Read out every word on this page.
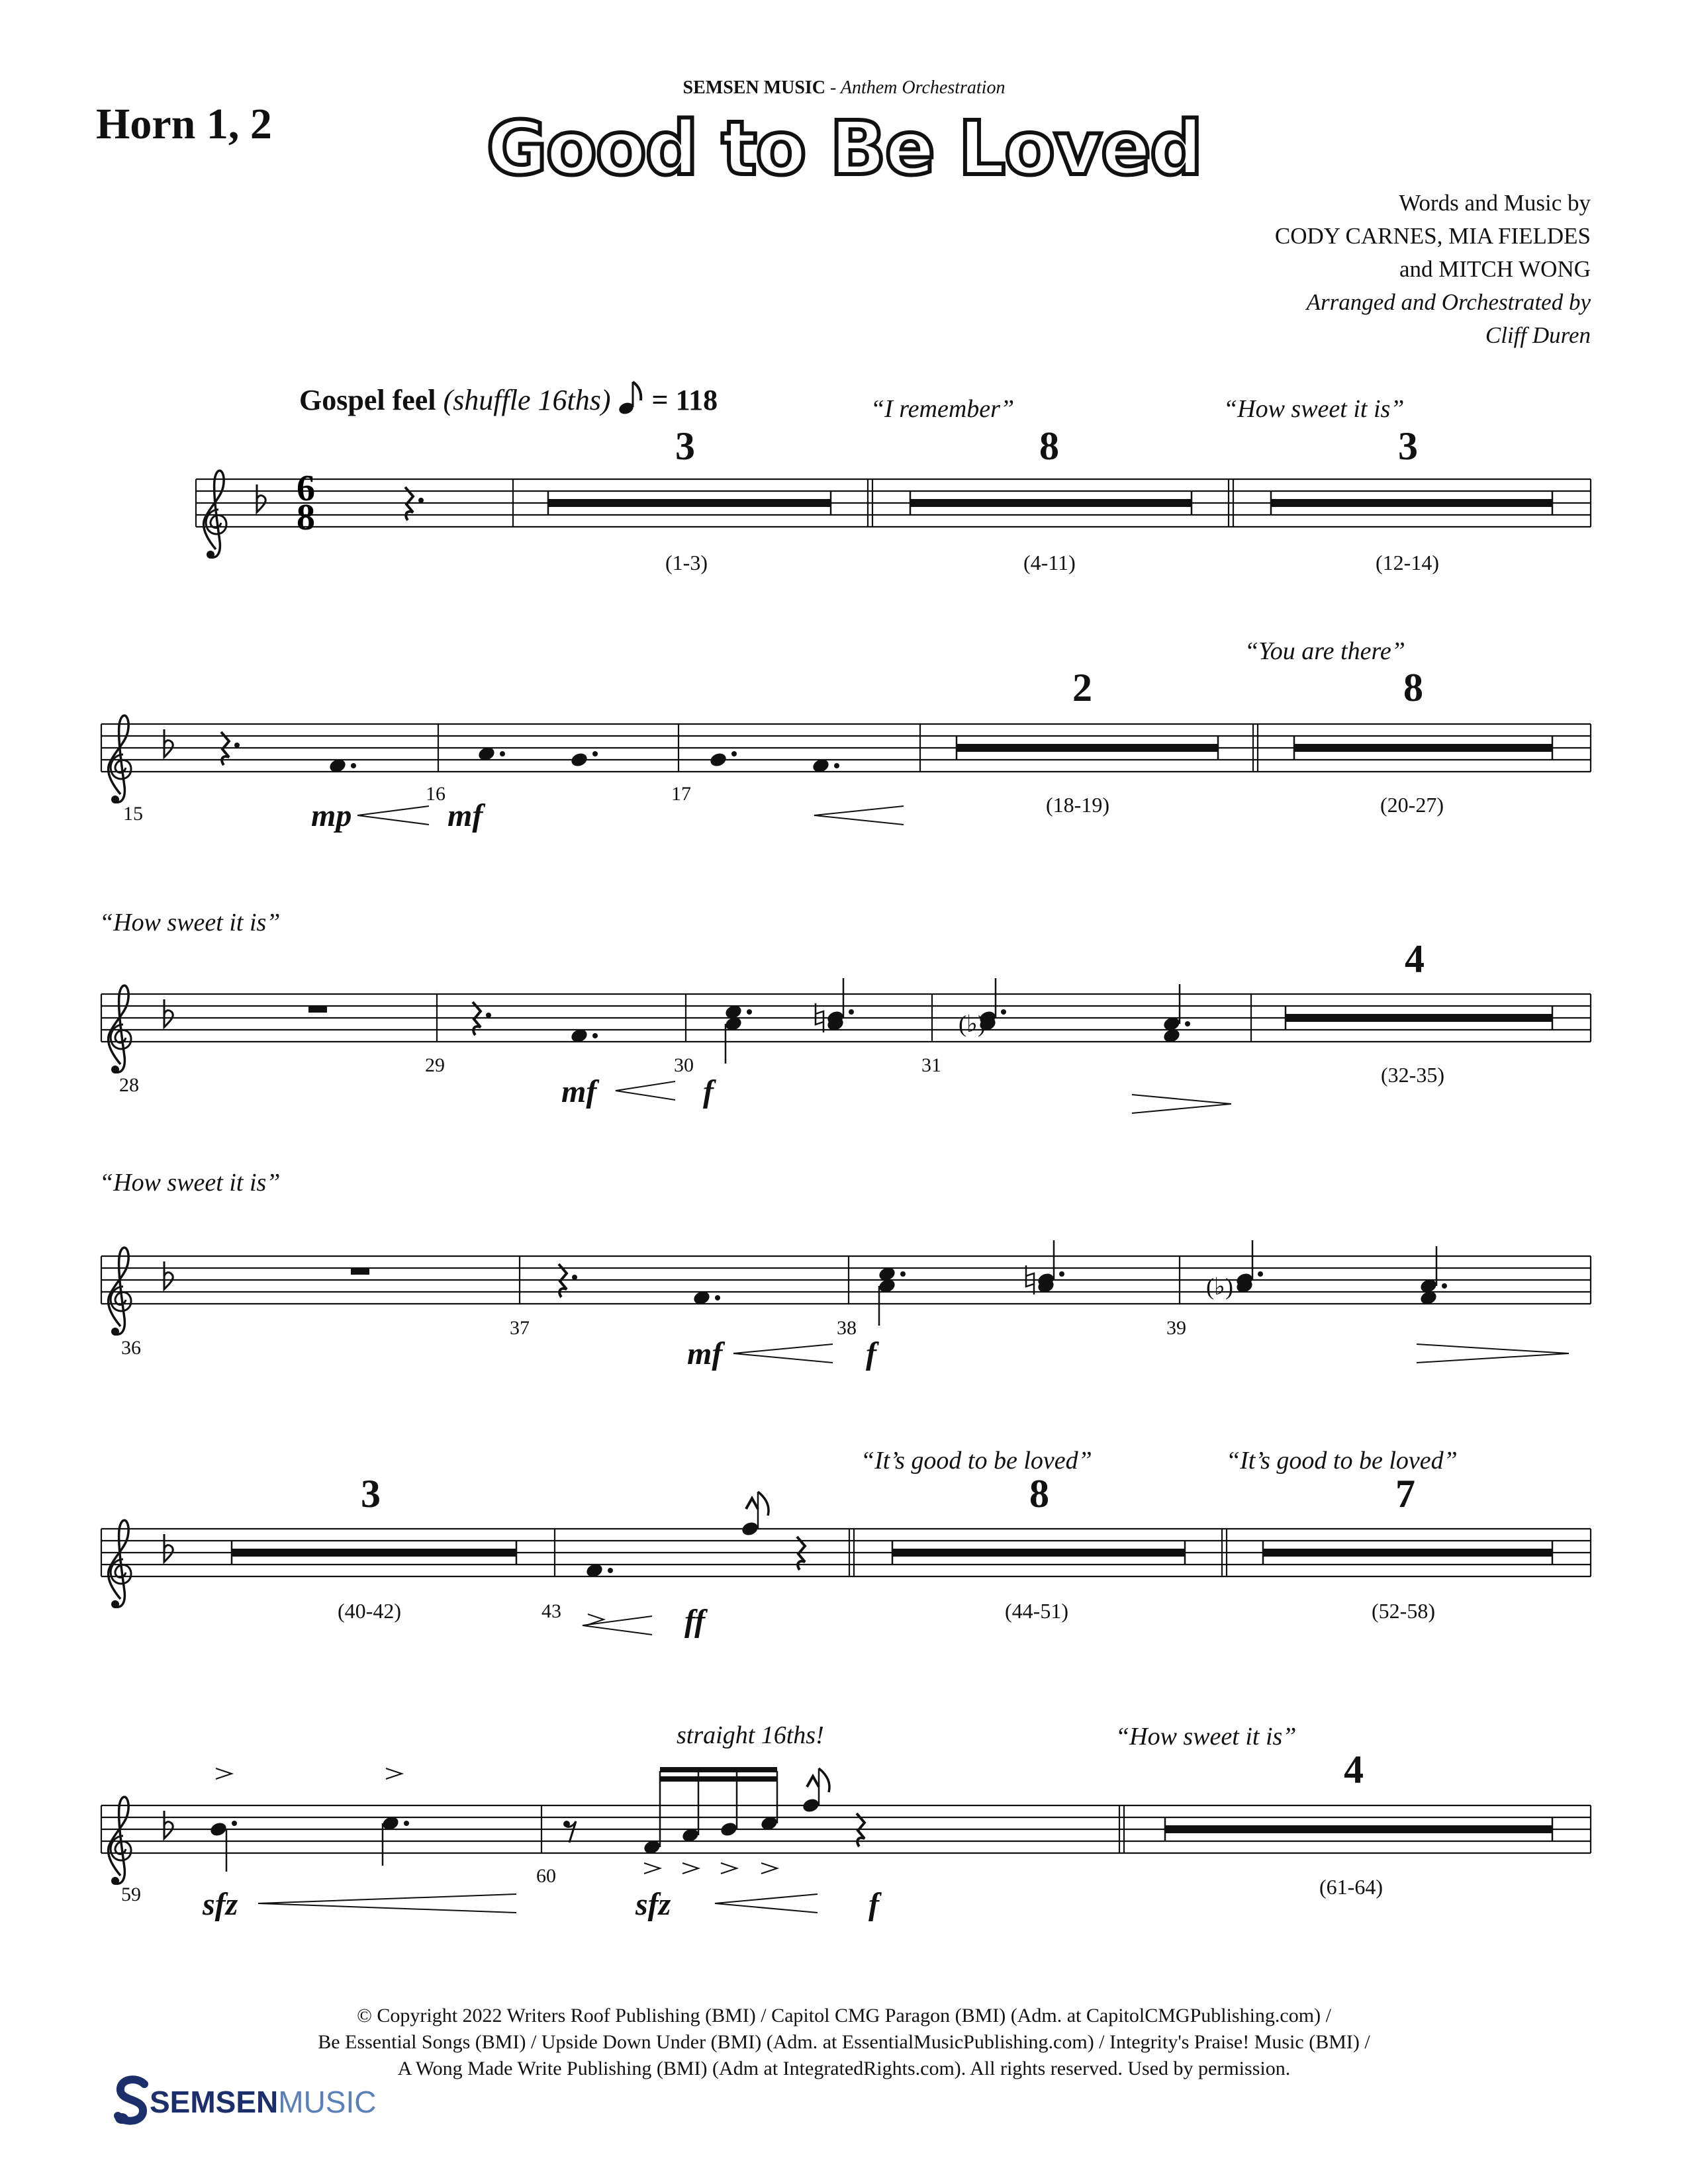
Horn 1, 2
SEMSEN MUSIC - Anthem Orchestration
Good to Be Loved
Words and Music by
CODY CARNES, MIA FIELDES
and MITCH WONG
Arranged and Orchestrated by
Cliff Duren
Gospel feel (shuffle 16ths) = 118
6
8
“I remember”	“How sweet it is”
“You are there”
“How sweet it is”
“How sweet it is”
“It’s good to be loved”	“It’s good to be loved”
“How sweet it is”
3
(1-3)
8
(4-11)
3
(12-14)
2
(18-19)
8
(20-27)
4
(32-35)
3
(40-42)
8
(44-51)
7
(52-58)
4
(61-64)
15
16	17
28
29	30	31
36
37	38	39
43
59
60
mp	mf
mf	f
mf	f
ff
sfz	sfz	f
straight 16ths!
(♭)
(♭)
© Copyright 2022 Writers Roof Publishing (BMI) / Capitol CMG Paragon (BMI) (Adm. at CapitolCMGPublishing.com) /
Be Essential Songs (BMI) / Upside Down Under (BMI) (Adm. at EssentialMusicPublishing.com) / Integrity's Praise! Music (BMI) /
A Wong Made Write Publishing (BMI) (Adm at IntegratedRights.com). All rights reserved. Used by permission.
SEMSENMUSIC
